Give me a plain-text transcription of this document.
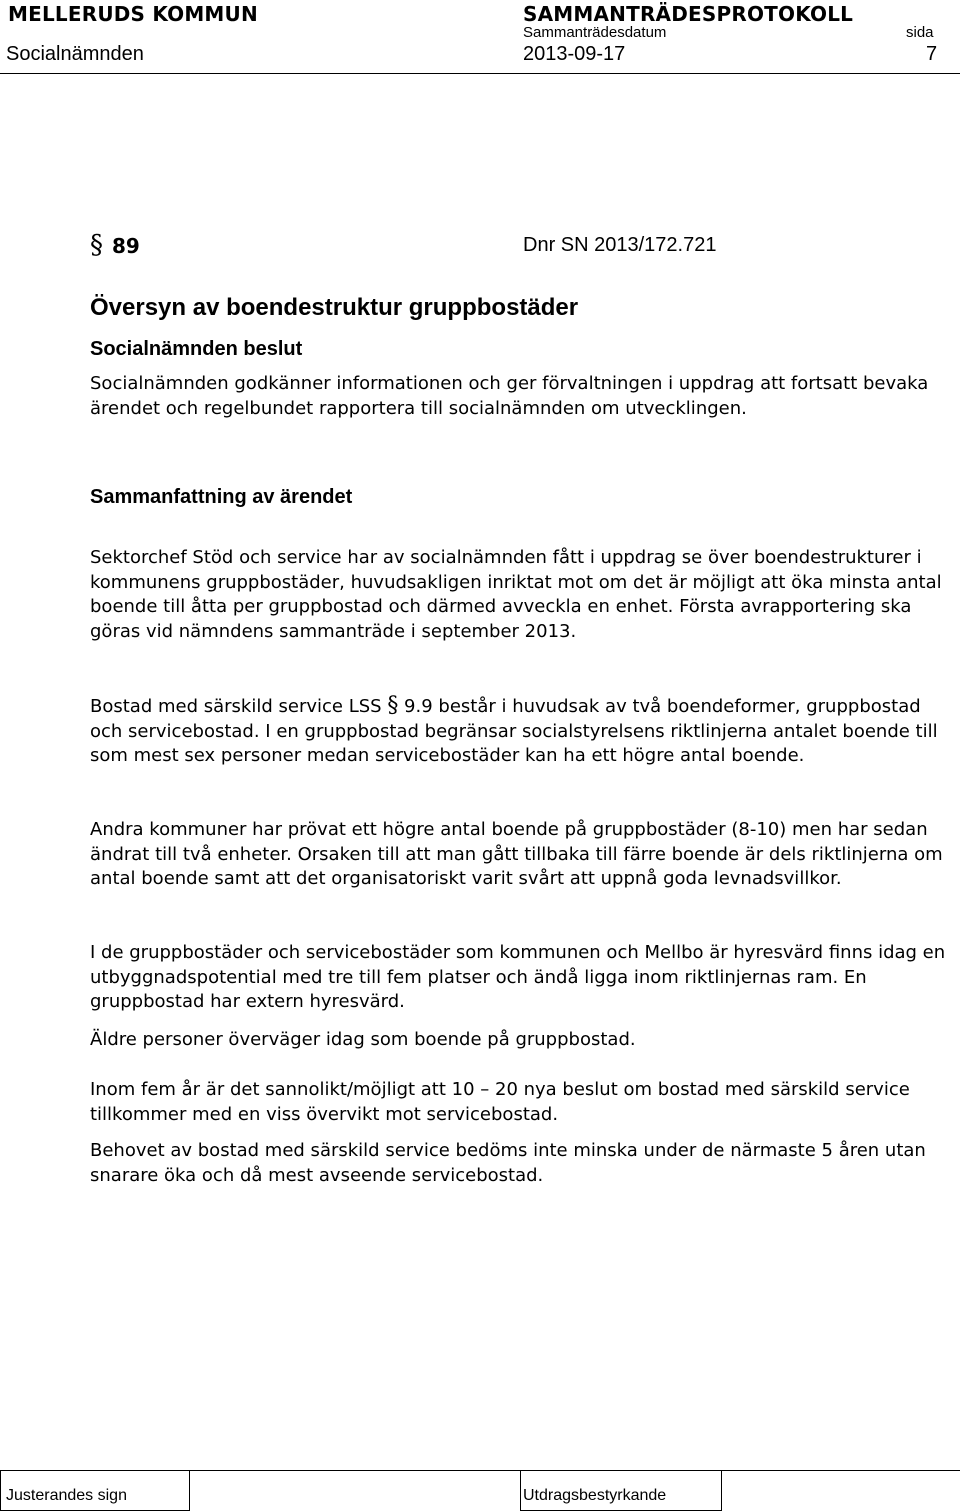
MELLERUDS KOMMUN
Socialnämnden
SAMMANTRÄDESPROTOKOLL
Sammanträdesdatum
2013-09-17
sida
7
§ 89	Dnr SN 2013/172.721
Översyn av boendestruktur gruppbostäder
Socialnämnden beslut

Socialnämnden godkänner informationen och ger förvaltningen i uppdrag att fortsatt bevaka ärendet och regelbundet rapportera till socialnämnden om utvecklingen.

Sammanfattning av ärendet

Sektorchef Stöd och service har av socialnämnden fått i uppdrag se över boendestrukturer i kommunens gruppbostäder, huvudsakligen inriktat mot om det är möjligt att öka minsta antal boende till åtta per gruppbostad och därmed avveckla en enhet. Första avrapportering ska göras vid nämndens sammanträde i september 2013.

Bostad med särskild service LSS § 9.9 består i huvudsak av två boendeformer, gruppbostad och servicebostad. I en gruppbostad begränsar socialstyrelsens riktlinjerna antalet boende till som mest sex personer medan servicebostäder kan ha ett högre antal boende.

Andra kommuner har prövat ett högre antal boende på gruppbostäder (8-10) men har sedan ändrat till två enheter. Orsaken till att man gått tillbaka till färre boende är dels riktlinjerna om antal boende samt att det organisatoriskt varit svårt att uppnå goda levnadsvillkor.

I de gruppbostäder och servicebostäder som kommunen och Mellbo är hyresvärd finns idag en utbyggnadspotential med tre till fem platser och ändå ligga inom riktlinjernas ram. En gruppbostad har extern hyresvärd.

Äldre personer överväger idag som boende på gruppbostad.

Inom fem år är det sannolikt/möjligt att 10 – 20 nya beslut om bostad med särskild service tillkommer med en viss övervikt mot servicebostad.

Behovet av bostad med särskild service bedöms inte minska under de närmaste 5 åren utan snarare öka och då mest avseende servicebostad.

Justerandes sign	Utdragsbestyrkande
